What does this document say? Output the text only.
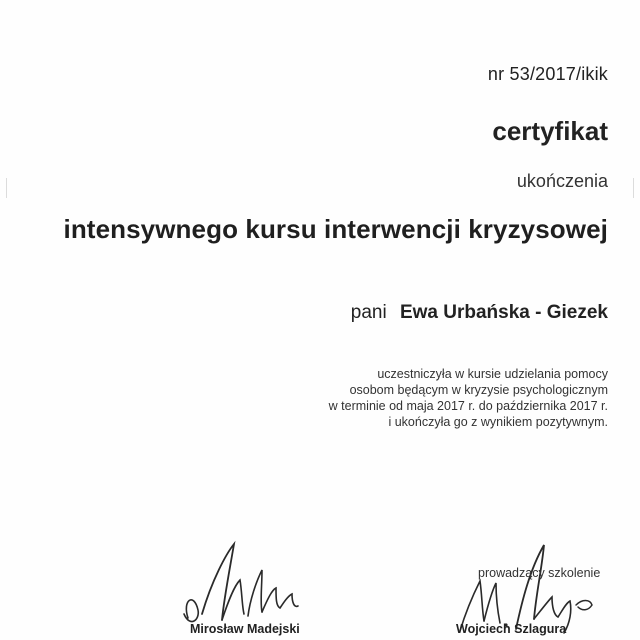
nr 53/2017/ikik
certyfikat
ukończenia
intensywnego kursu interwencji kryzysowej
pani Ewa Urbańska - Giezek
uczestniczyła w kursie udzielania pomocy
osobom będącym w kryzysie psychologicznym
w terminie od maja 2017 r. do października 2017 r.
i ukończyła go z wynikiem pozytywnym.
prowadzący szkolenie
Mirosław Madejski	Wojciech Szlagura
